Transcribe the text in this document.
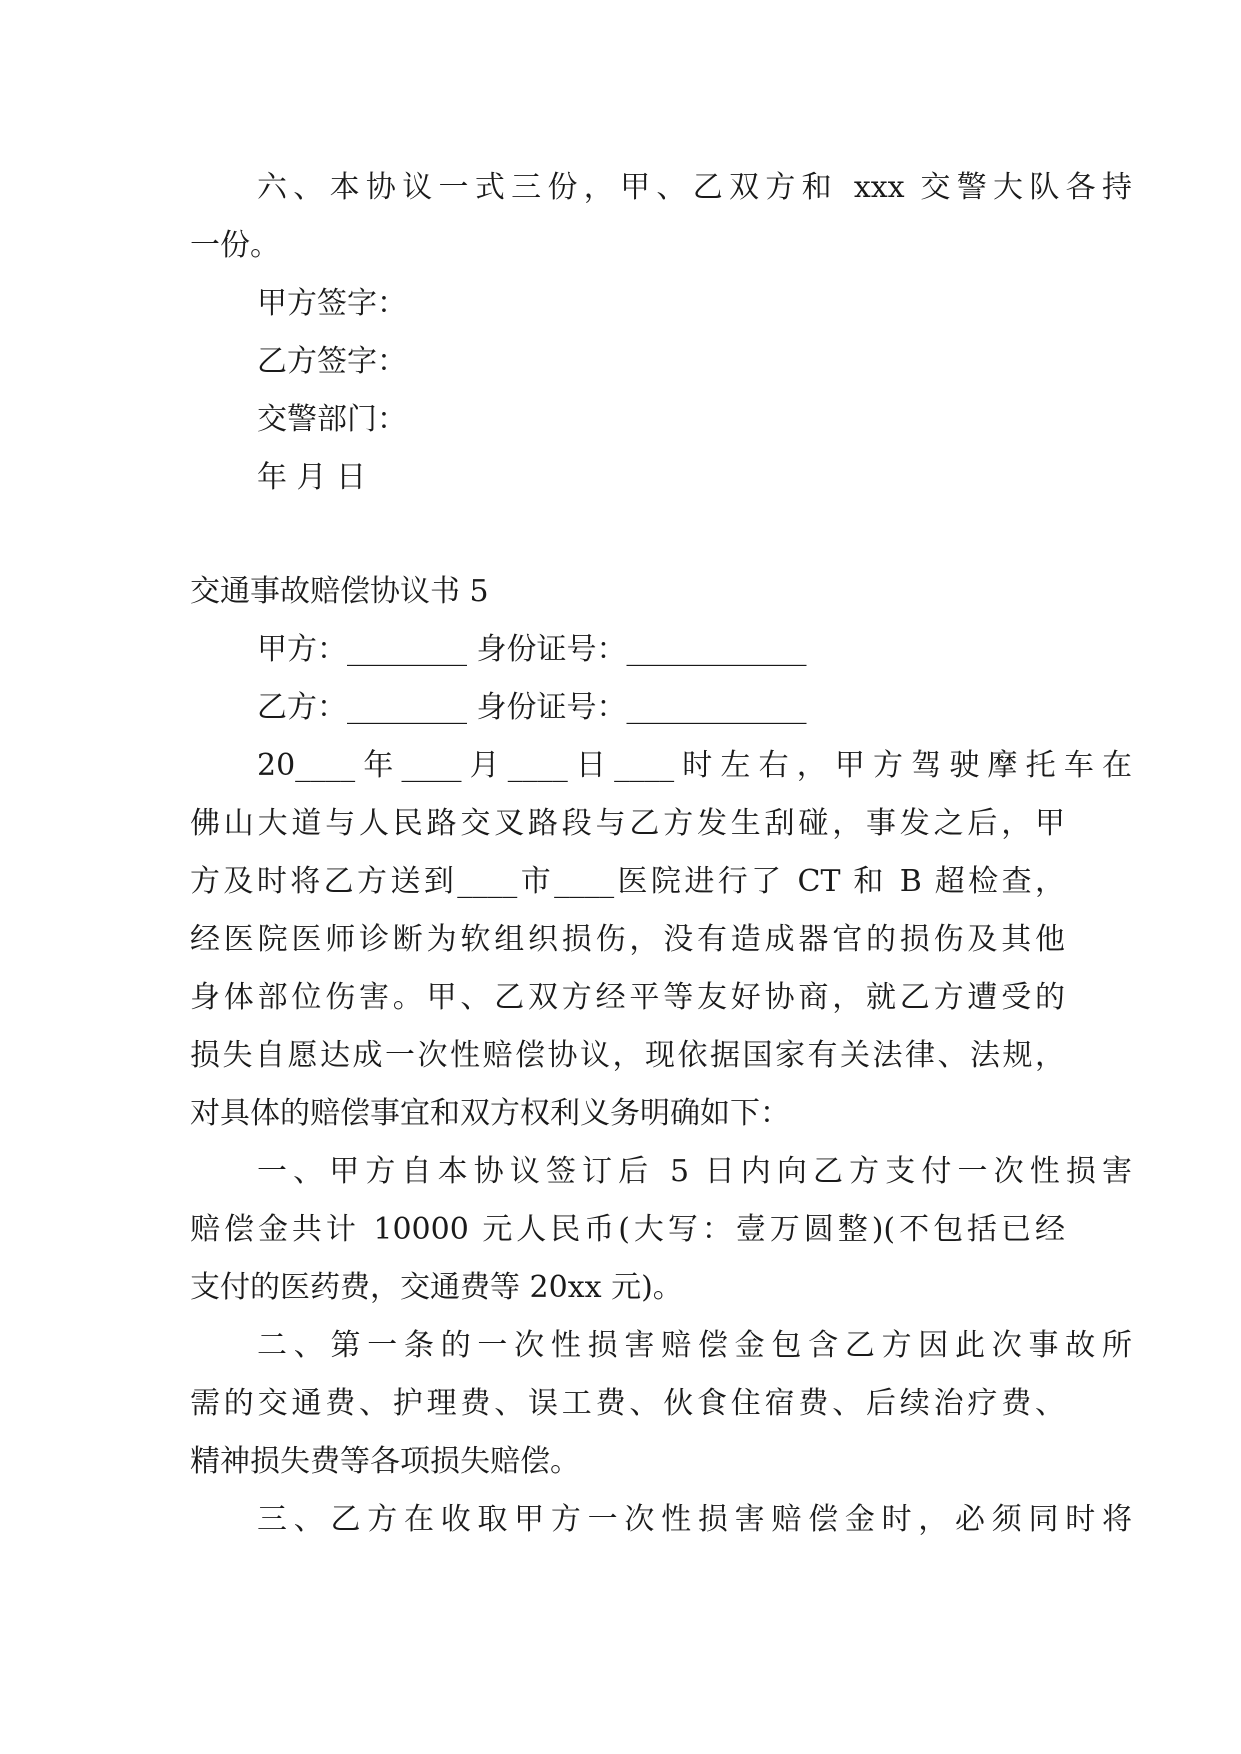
六、本协议一式三份，甲、乙双方和 xxx 交警大队各持
一份。
甲方签字：
乙方签字：
交警部门：
年 月 日
交通事故赔偿协议书 5
甲方：________ 身份证号：____________
乙方：________ 身份证号：____________
20____年____月____日____时左右，甲方驾驶摩托车在
佛山大道与人民路交叉路段与乙方发生刮碰，事发之后，甲
方及时将乙方送到____市____医院进行了 CT 和 B 超检查，
经医院医师诊断为软组织损伤，没有造成器官的损伤及其他
身体部位伤害。甲、乙双方经平等友好协商，就乙方遭受的
损失自愿达成一次性赔偿协议，现依据国家有关法律、法规，
对具体的赔偿事宜和双方权利义务明确如下：
一、甲方自本协议签订后 5 日内向乙方支付一次性损害
赔偿金共计 10000 元人民币(大写：壹万圆整)(不包括已经
支付的医药费，交通费等 20xx 元)。
二、第一条的一次性损害赔偿金包含乙方因此次事故所
需的交通费、护理费、误工费、伙食住宿费、后续治疗费、
精神损失费等各项损失赔偿。
三、乙方在收取甲方一次性损害赔偿金时，必须同时将
